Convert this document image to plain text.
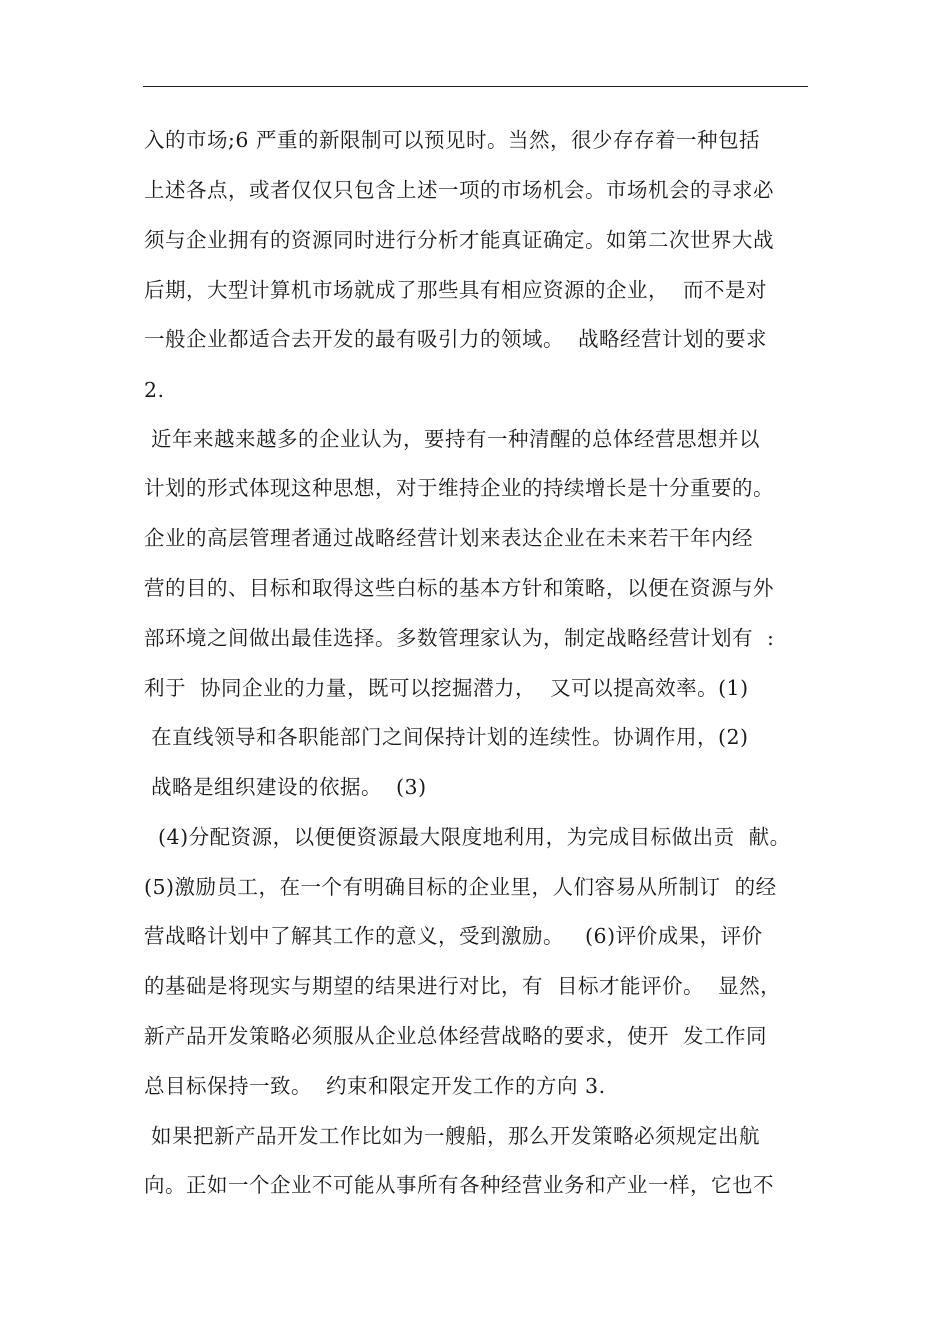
入的市场;6 严重的新限制可以预见时。当然，很少存存着一种包括
上述各点，或者仅仅只包含上述一项的市场机会。市场机会的寻求必
须与企业拥有的资源同时进行分析才能真证确定。如第二次世界大战
后期，大型计算机市场就成了那些具有相应资源的企业，  而不是对
一般企业都适合去开发的最有吸引力的领域。  战略经营计划的要求
2.
近年来越来越多的企业认为，要持有一种清醒的总体经营思想并以
计划的形式体现这种思想，对于维持企业的持续增长是十分重要的。
企业的高层管理者通过战略经营计划来表达企业在未来若干年内经
营的目的、目标和取得这些白标的基本方针和策略，以便在资源与外
部环境之间做出最佳选择。多数管理家认为，制定战略经营计划有  :
利于  协同企业的力量，既可以挖掘潜力，  又可以提高效率。(1)
在直线领导和各职能部门之间保持计划的连续性。协调作用，(2)
战略是组织建设的依据。  (3)
(4)分配资源，以便便资源最大限度地利用，为完成目标做出贡  献。
(5)激励员工，在一个有明确目标的企业里，人们容易从所制订  的经
营战略计划中了解其工作的意义，受到激励。   (6)评价成果，评价
的基础是将现实与期望的结果进行对比，有  目标才能评价。  显然，
新产品开发策略必须服从企业总体经营战略的要求，使开  发工作同
总目标保持一致。  约束和限定开发工作的方向 3.
如果把新产品开发工作比如为一艘船，那么开发策略必须规定出航
向。正如一个企业不可能从事所有各种经营业务和产业一样，它也不
